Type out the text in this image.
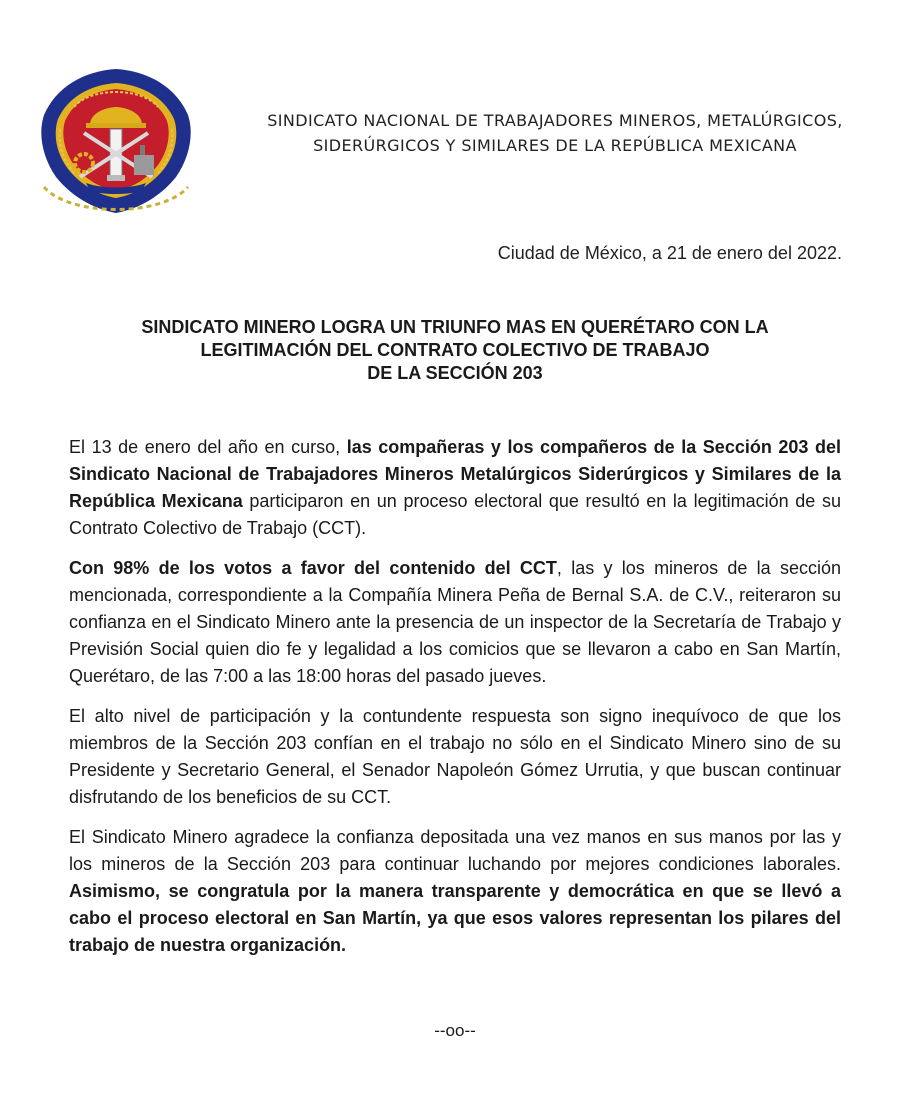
SINDICATO NACIONAL DE TRABAJADORES MINEROS, METALÚRGICOS,
SIDERÚRGICOS Y SIMILARES DE LA REPÚBLICA MEXICANA
Ciudad de México, a 21 de enero del 2022.
SINDICATO MINERO LOGRA UN TRIUNFO MAS EN QUERÉTARO CON LA
LEGITIMACIÓN DEL CONTRATO COLECTIVO DE TRABAJO
DE LA SECCIÓN 203

El 13 de enero del año en curso, las compañeras y los compañeros de la Sección 203 del Sindicato Nacional de Trabajadores Mineros Metalúrgicos Siderúrgicos y Similares de la República Mexicana participaron en un proceso electoral que resultó en la legitimación de su Contrato Colectivo de Trabajo (CCT).

Con 98% de los votos a favor del contenido del CCT, las y los mineros de la sección mencionada, correspondiente a la Compañía Minera Peña de Bernal S.A. de C.V., reiteraron su confianza en el Sindicato Minero ante la presencia de un inspector de la Secretaría de Trabajo y Previsión Social quien dio fe y legalidad a los comicios que se llevaron a cabo en San Martín, Querétaro, de las 7:00 a las 18:00 horas del pasado jueves.

El alto nivel de participación y la contundente respuesta son signo inequívoco de que los miembros de la Sección 203 confían en el trabajo no sólo en el Sindicato Minero sino de su Presidente y Secretario General, el Senador Napoleón Gómez Urrutia, y que buscan continuar disfrutando de los beneficios de su CCT.

El Sindicato Minero agradece la confianza depositada una vez manos en sus manos por las y los mineros de la Sección 203 para continuar luchando por mejores condiciones laborales. Asimismo, se congratula por la manera transparente y democrática en que se llevó a cabo el proceso electoral en San Martín, ya que esos valores representan los pilares del trabajo de nuestra organización.

--oo--
